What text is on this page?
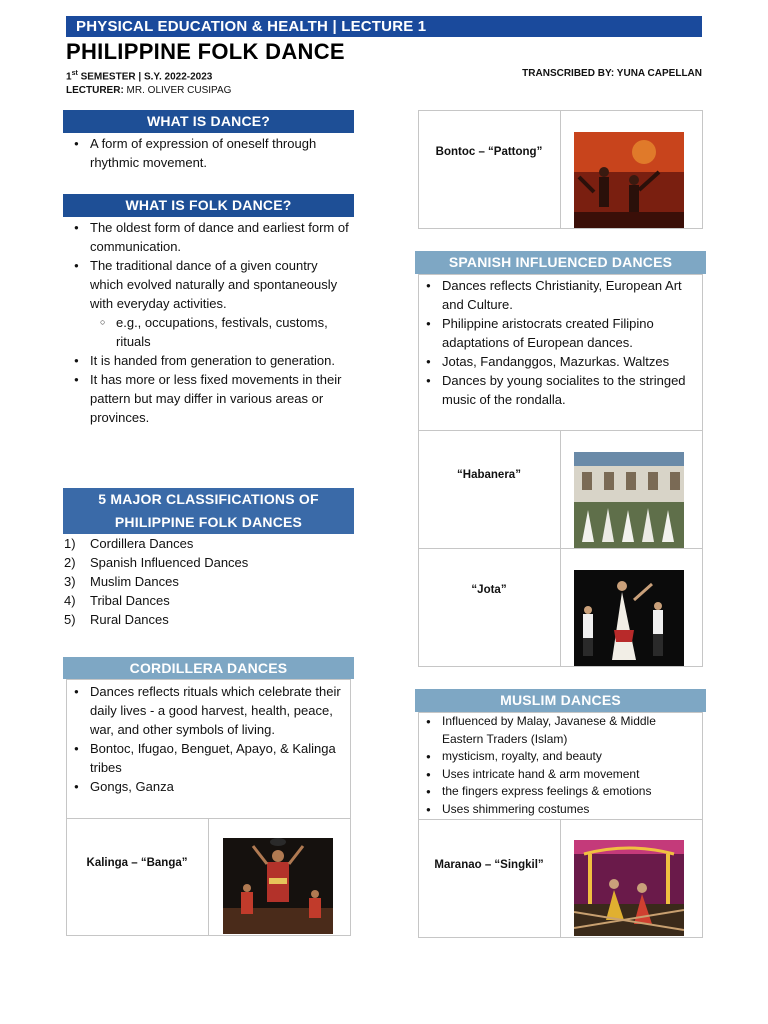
PHYSICAL EDUCATION & HEALTH | LECTURE 1
PHILIPPINE FOLK DANCE
1st SEMESTER | S.Y. 2022-2023
LECTURER: MR. OLIVER CUSIPAG
TRANSCRIBED BY: YUNA CAPELLAN
WHAT IS DANCE?
● A form of expression of oneself through rhythmic movement.
WHAT IS FOLK DANCE?
● The oldest form of dance and earliest form of communication.
● The traditional dance of a given country which evolved naturally and spontaneously with everyday activities.
○ e.g., occupations, festivals, customs, rituals
● It is handed from generation to generation.
● It has more or less fixed movements in their pattern but may differ in various areas or provinces.
5 MAJOR CLASSIFICATIONS OF
PHILIPPINE FOLK DANCES
1)	Cordillera Dances
2)	Spanish Influenced Dances
3)	Muslim Dances
4)	Tribal Dances
5)	Rural Dances
CORDILLERA DANCES
● Dances reflects rituals which celebrate their daily lives - a good harvest, health, peace, war, and other symbols of living.
● Bontoc, Ifugao, Benguet, Apayo, & Kalinga tribes
● Gongs, Ganza
Kalinga – “Banga”
Bontoc – “Pattong”
SPANISH INFLUENCED DANCES
● Dances reflects Christianity, European Art and Culture.
● Philippine aristocrats created Filipino adaptations of European dances.
● Jotas, Fandanggos, Mazurkas. Waltzes
● Dances by young socialites to the stringed music of the rondalla.
“Habanera”
“Jota”
MUSLIM DANCES
● Influenced by Malay, Javanese & Middle Eastern Traders (Islam)
● mysticism, royalty, and beauty
● Uses intricate hand & arm movement
● the fingers express feelings & emotions
● Uses shimmering costumes
Maranao – “Singkil”
